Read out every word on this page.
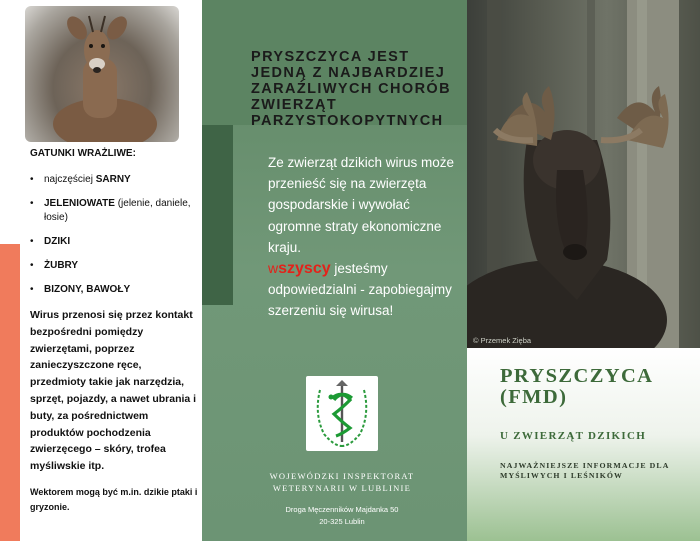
GATUNKI WRAŻLIWE:

• najczęściej SARNY
• JELENIOWATE (jelenie, daniele, łosie)
• DZIKI
• ŻUBRY
• BIZONY, BAWOŁY

Wirus przenosi się przez kontakt bezpośredni pomiędzy zwierzętami, poprzez zanieczyszczone ręce, przedmioty takie jak narzędzia, sprzęt, pojazdy, a nawet ubrania i buty, za pośrednictwem produktów pochodzenia zwierzęcego – skóry, trofea myśliwskie itp.

Wektorem mogą być m.in. dzikie ptaki i gryzonie.

PRYSZCZYCA JEST JEDNĄ Z NAJBARDZIEJ ZARAŹLIWYCH CHORÓB ZWIERZĄT PARZYSTOKOPYTNYCH

Ze zwierząt dzikich wirus może przenieść się na zwierzęta gospodarskie i wywołać ogromne straty ekonomiczne kraju.

wszyscy jesteśmy odpowiedzialni - zapobiegajmy szerzeniu się wirusa!

WOJEWÓDZKI INSPEKTORAT WETERYNARII W LUBLINIE

Droga Męczenników Majdanka 50

20-325 Lublin

© Przemek Zięba

PRYSZCZYCA (FMD)
U ZWIERZĄT DZIKICH

NAJWAŻNIEJSZE INFORMACJE DLA MYŚLIWYCH I LEŚNIKÓW
